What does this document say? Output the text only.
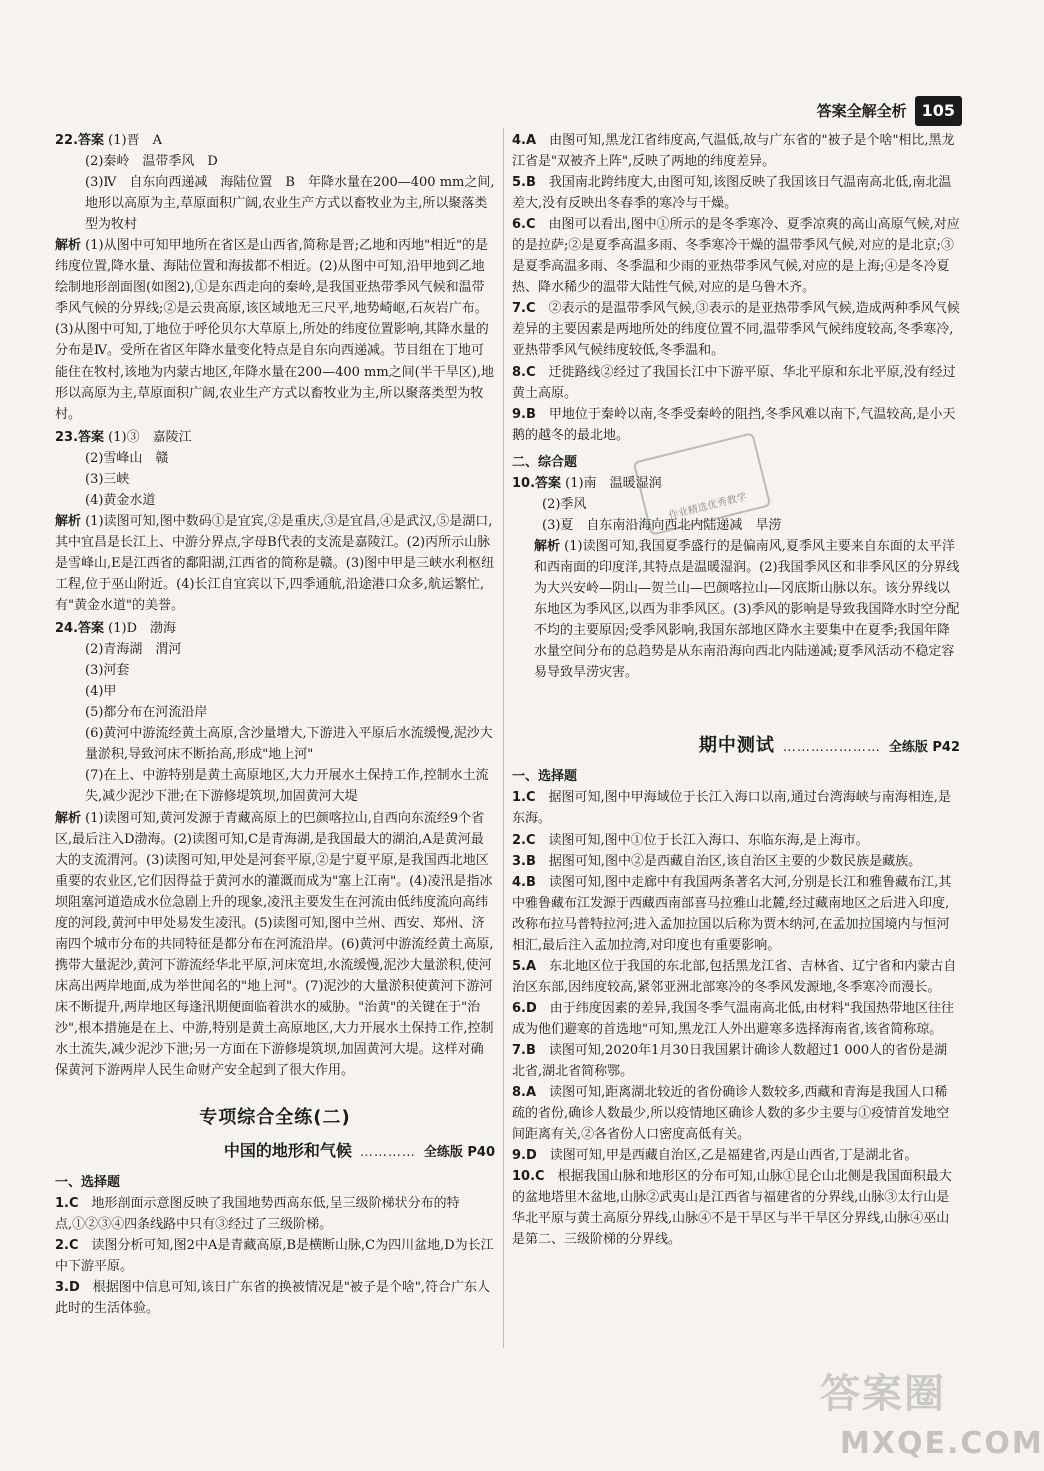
答案全解全析 105

22.答案 (1)晋　A

(2)秦岭　温带季风　D

(3)Ⅳ　自东向西递减　海陆位置　B　年降水量在200—400 mm之间,地形以高原为主,草原面积广阔,农业生产方式以畜牧业为主,所以聚落类型为牧村

解析 (1)从图中可知甲地所在省区是山西省,简称是晋;乙地和丙地"相近"的是纬度位置,降水量、海陆位置和海拔都不相近。(2)从图中可知,沿甲地到乙地绘制地形剖面图(如图2),①是东西走向的秦岭,是我国亚热带季风气候和温带季风气候的分界线;②是云贵高原,该区域地无三尺平,地势崎岖,石灰岩广布。(3)从图中可知,丁地位于呼伦贝尔大草原上,所处的纬度位置影响,其降水量的分布是Ⅳ。受所在省区年降水量变化特点是自东向西递减。节目组在丁地可能住在牧村,该地为内蒙古地区,年降水量在200—400 mm之间(半干旱区),地形以高原为主,草原面积广阔,农业生产方式以畜牧业为主,所以聚落类型为牧村。

23.答案 (1)③　嘉陵江

(2)雪峰山　赣

(3)三峡

(4)黄金水道

解析 (1)读图可知,图中数码①是宜宾,②是重庆,③是宜昌,④是武汉,⑤是湖口,其中宜昌是长江上、中游分界点,字母B代表的支流是嘉陵江。(2)丙所示山脉是雪峰山,E是江西省的鄱阳湖,江西省的简称是赣。(3)图中甲是三峡水利枢纽工程,位于巫山附近。(4)长江自宜宾以下,四季通航,沿途港口众多,航运繁忙,有"黄金水道"的美誉。

24.答案 (1)D　渤海

(2)青海湖　渭河

(3)河套

(4)甲

(5)都分布在河流沿岸

(6)黄河中游流经黄土高原,含沙量增大,下游进入平原后水流缓慢,泥沙大量淤积,导致河床不断抬高,形成"地上河"

(7)在上、中游特别是黄土高原地区,大力开展水土保持工作,控制水土流失,减少泥沙下泄;在下游修堤筑坝,加固黄河大堤

解析 (1)读图可知,黄河发源于青藏高原上的巴颜喀拉山,自西向东流经9个省区,最后注入D渤海。(2)读图可知,C是青海湖,是我国最大的湖泊,A是黄河最大的支流渭河。(3)读图可知,甲处是河套平原,②是宁夏平原,是我国西北地区重要的农业区,它们因得益于黄河水的灌溉而成为"塞上江南"。(4)凌汛是指冰坝阻塞河道造成水位急剧上升的现象,凌汛主要发生在河流由低纬度流向高纬度的河段,黄河中甲处易发生凌汛。(5)读图可知,图中兰州、西安、郑州、济南四个城市分布的共同特征是都分布在河流沿岸。(6)黄河中游流经黄土高原,携带大量泥沙,黄河下游流经华北平原,河床宽坦,水流缓慢,泥沙大量淤积,使河床高出两岸地面,成为举世闻名的"地上河"。(7)泥沙的大量淤积使黄河下游河床不断提升,两岸地区每逢汛期便面临着洪水的威胁。"治黄"的关键在于"治沙",根本措施是在上、中游,特别是黄土高原地区,大力开展水土保持工作,控制水土流失,减少泥沙下泄;另一方面在下游修堤筑坝,加固黄河大堤。这样对确保黄河下游两岸人民生命财产安全起到了很大作用。

专项综合全练(二)
中国的地形和气候 ………… 全练版 P40

一、选择题

1.C　 地形剖面示意图反映了我国地势西高东低,呈三级阶梯状分布的特点,①②③④四条线路中只有③经过了三级阶梯。

2.C　 读图分析可知,图2中A是青藏高原,B是横断山脉,C为四川盆地,D为长江中下游平原。

3.D　 根据图中信息可知,该日广东省的换被情况是"被子是个啥",符合广东人此时的生活体验。

4.A　 由图可知,黑龙江省纬度高,气温低,故与广东省的"被子是个啥"相比,黑龙江省是"双被齐上阵",反映了两地的纬度差异。

5.B　 我国南北跨纬度大,由图可知,该图反映了我国该日气温南高北低,南北温差大,没有反映出冬春季的寒冷与干燥。

6.C　 由图可以看出,图中①所示的是冬季寒冷、夏季凉爽的高山高原气候,对应的是拉萨;②是夏季高温多雨、冬季寒冷干燥的温带季风气候,对应的是北京;③是夏季高温多雨、冬季温和少雨的亚热带季风气候,对应的是上海;④是冬冷夏热、降水稀少的温带大陆性气候,对应的是乌鲁木齐。

7.C　 ②表示的是温带季风气候,③表示的是亚热带季风气候,造成两种季风气候差异的主要因素是两地所处的纬度位置不同,温带季风气候纬度较高,冬季寒冷,亚热带季风气候纬度较低,冬季温和。

8.C　 迁徙路线②经过了我国长江中下游平原、华北平原和东北平原,没有经过黄土高原。

9.B　 甲地位于秦岭以南,冬季受秦岭的阻挡,冬季风难以南下,气温较高,是小天鹅的越冬的最北地。

二、综合题

10.答案 (1)南　温暖湿润

(2)季风

(3)夏　自东南沿海向西北内陆递减　旱涝

解析 (1)读图可知,我国夏季盛行的是偏南风,夏季风主要来自东面的太平洋和西南面的印度洋,其特点是温暖湿润。(2)我国季风区和非季风区的分界线为大兴安岭—阴山—贺兰山—巴颜喀拉山—冈底斯山脉以东。该分界线以东地区为季风区,以西为非季风区。(3)季风的影响是导致我国降水时空分配不均的主要原因;受季风影响,我国东部地区降水主要集中在夏季;我国年降水量空间分布的总趋势是从东南沿海向西北内陆递减;夏季风活动不稳定容易导致旱涝灾害。

期中测试 ………………… 全练版 P42

一、选择题

1.C　 据图可知,图中甲海域位于长江入海口以南,通过台湾海峡与南海相连,是东海。

2.C　 读图可知,图中①位于长江入海口、东临东海,是上海市。

3.B　 据图可知,图中②是西藏自治区,该自治区主要的少数民族是藏族。

4.B　 读图可知,图中走廊中有我国两条著名大河,分别是长江和雅鲁藏布江,其中雅鲁藏布江发源于西藏西南部喜马拉雅山北麓,经过藏南地区之后进入印度,改称布拉马普特拉河;进入孟加拉国以后称为贾木纳河,在孟加拉国境内与恒河相汇,最后注入孟加拉湾,对印度也有重要影响。

5.A　 东北地区位于我国的东北部,包括黑龙江省、吉林省、辽宁省和内蒙古自治区东部,因纬度较高,紧邻亚洲北部寒冷的冬季风发源地,冬季寒冷而漫长。

6.D　 由于纬度因素的差异,我国冬季气温南高北低,由材料"我国热带地区往往成为他们避寒的首选地"可知,黑龙江人外出避寒多选择海南省,该省简称琼。

7.B　 读图可知,2020年1月30日我国累计确诊人数超过1 000人的省份是湖北省,湖北省简称鄂。

8.A　 读图可知,距离湖北较近的省份确诊人数较多,西藏和青海是我国人口稀疏的省份,确诊人数最少,所以疫情地区确诊人数的多少主要与①疫情首发地空间距离有关,②各省份人口密度高低有关。

9.D　 读图可知,甲是西藏自治区,乙是福建省,丙是山西省,丁是湖北省。

10.C　 根据我国山脉和地形区的分布可知,山脉①昆仑山北侧是我国面积最大的盆地塔里木盆地,山脉②武夷山是江西省与福建省的分界线,山脉③太行山是华北平原与黄土高原分界线,山脉④不是干旱区与半干旱区分界线,山脉④巫山是第二、三级阶梯的分界线。

作业精选优秀教学
答案圈
MXQE.COM
